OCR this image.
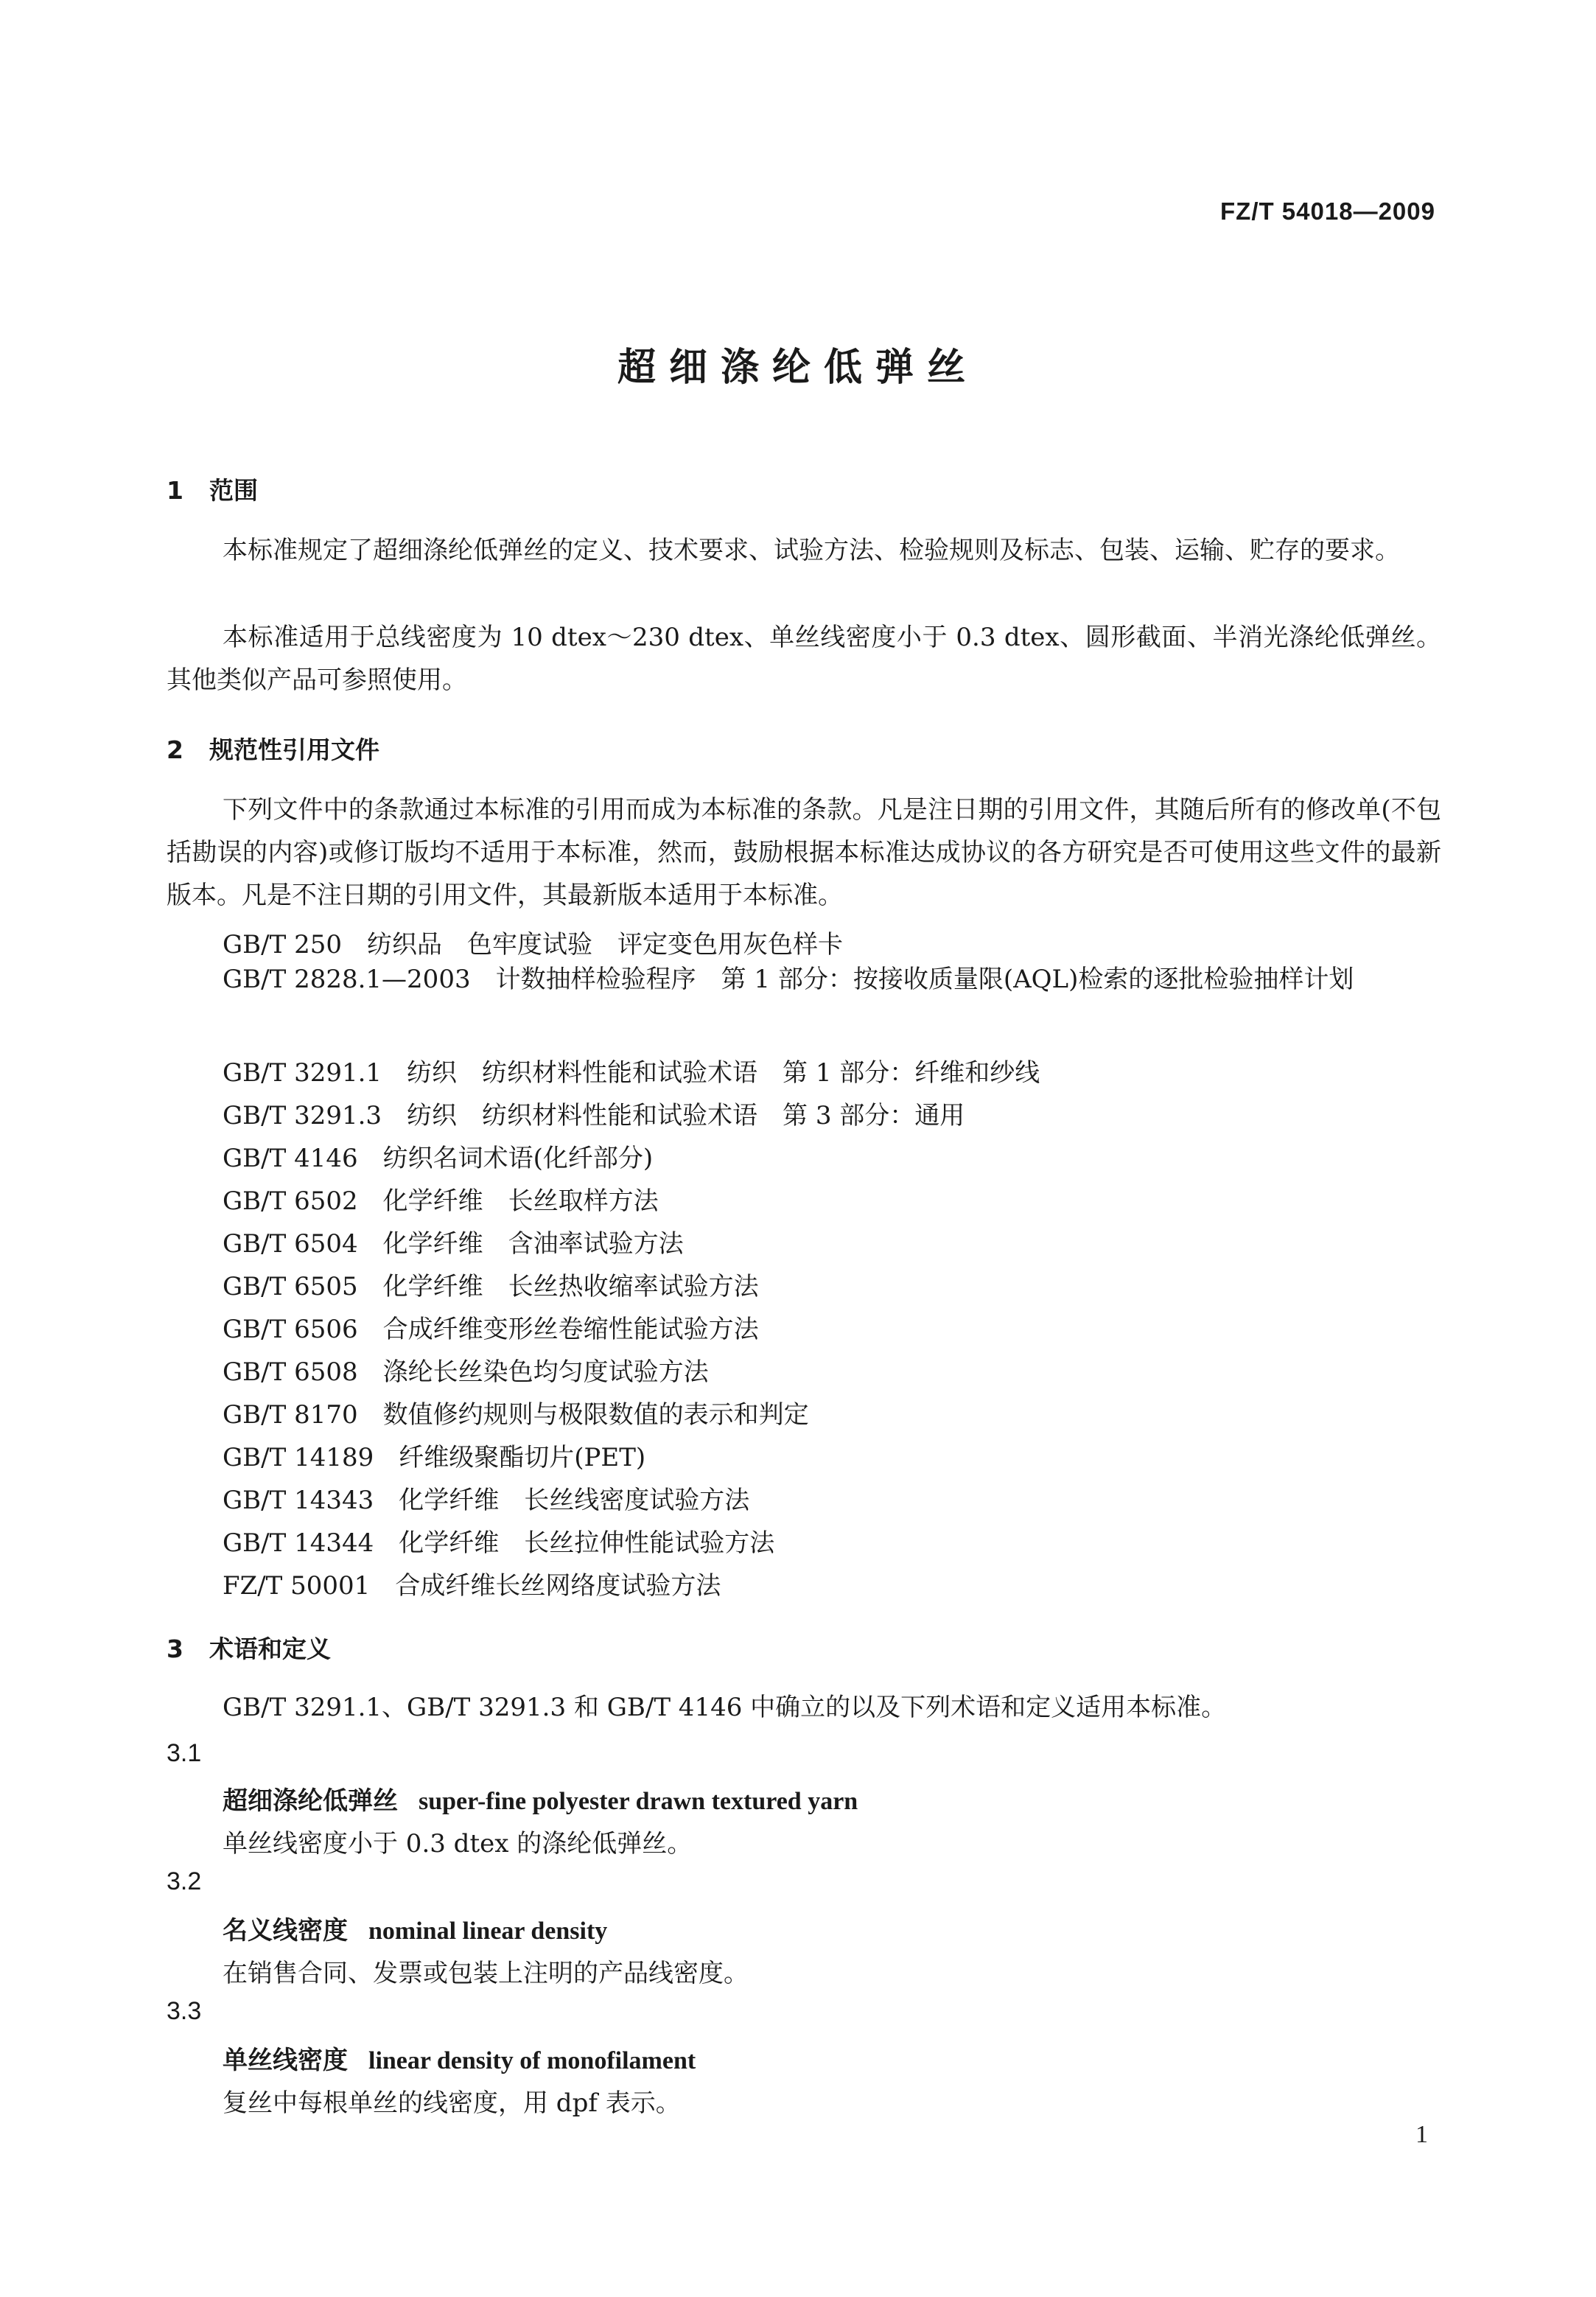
FZ/T 54018—2009
超细涤纶低弹丝
1 范围
本标准规定了超细涤纶低弹丝的定义、技术要求、试验方法、检验规则及标志、包装、运输、贮存的要求。
本标准适用于总线密度为 10 dtex～230 dtex、单丝线密度小于 0.3 dtex、圆形截面、半消光涤纶低弹丝。其他类似产品可参照使用。
2 规范性引用文件
下列文件中的条款通过本标准的引用而成为本标准的条款。凡是注日期的引用文件，其随后所有的修改单(不包括勘误的内容)或修订版均不适用于本标准，然而，鼓励根据本标准达成协议的各方研究是否可使用这些文件的最新版本。凡是不注日期的引用文件，其最新版本适用于本标准。
GB/T 250　纺织品　色牢度试验　评定变色用灰色样卡
GB/T 2828.1—2003　计数抽样检验程序　第 1 部分：按接收质量限(AQL)检索的逐批检验抽样计划
GB/T 3291.1　纺织　纺织材料性能和试验术语　第 1 部分：纤维和纱线
GB/T 3291.3　纺织　纺织材料性能和试验术语　第 3 部分：通用
GB/T 4146　纺织名词术语(化纤部分)
GB/T 6502　化学纤维　长丝取样方法
GB/T 6504　化学纤维　含油率试验方法
GB/T 6505　化学纤维　长丝热收缩率试验方法
GB/T 6506　合成纤维变形丝卷缩性能试验方法
GB/T 6508　涤纶长丝染色均匀度试验方法
GB/T 8170　数值修约规则与极限数值的表示和判定
GB/T 14189　纤维级聚酯切片(PET)
GB/T 14343　化学纤维　长丝线密度试验方法
GB/T 14344　化学纤维　长丝拉伸性能试验方法
FZ/T 50001　合成纤维长丝网络度试验方法
3 术语和定义
GB/T 3291.1、GB/T 3291.3 和 GB/T 4146 中确立的以及下列术语和定义适用本标准。
3.1
超细涤纶低弹丝 super-fine polyester drawn textured yarn
单丝线密度小于 0.3 dtex 的涤纶低弹丝。
3.2
名义线密度 nominal linear density
在销售合同、发票或包装上注明的产品线密度。
3.3
单丝线密度 linear density of monofilament
复丝中每根单丝的线密度，用 dpf 表示。
1
